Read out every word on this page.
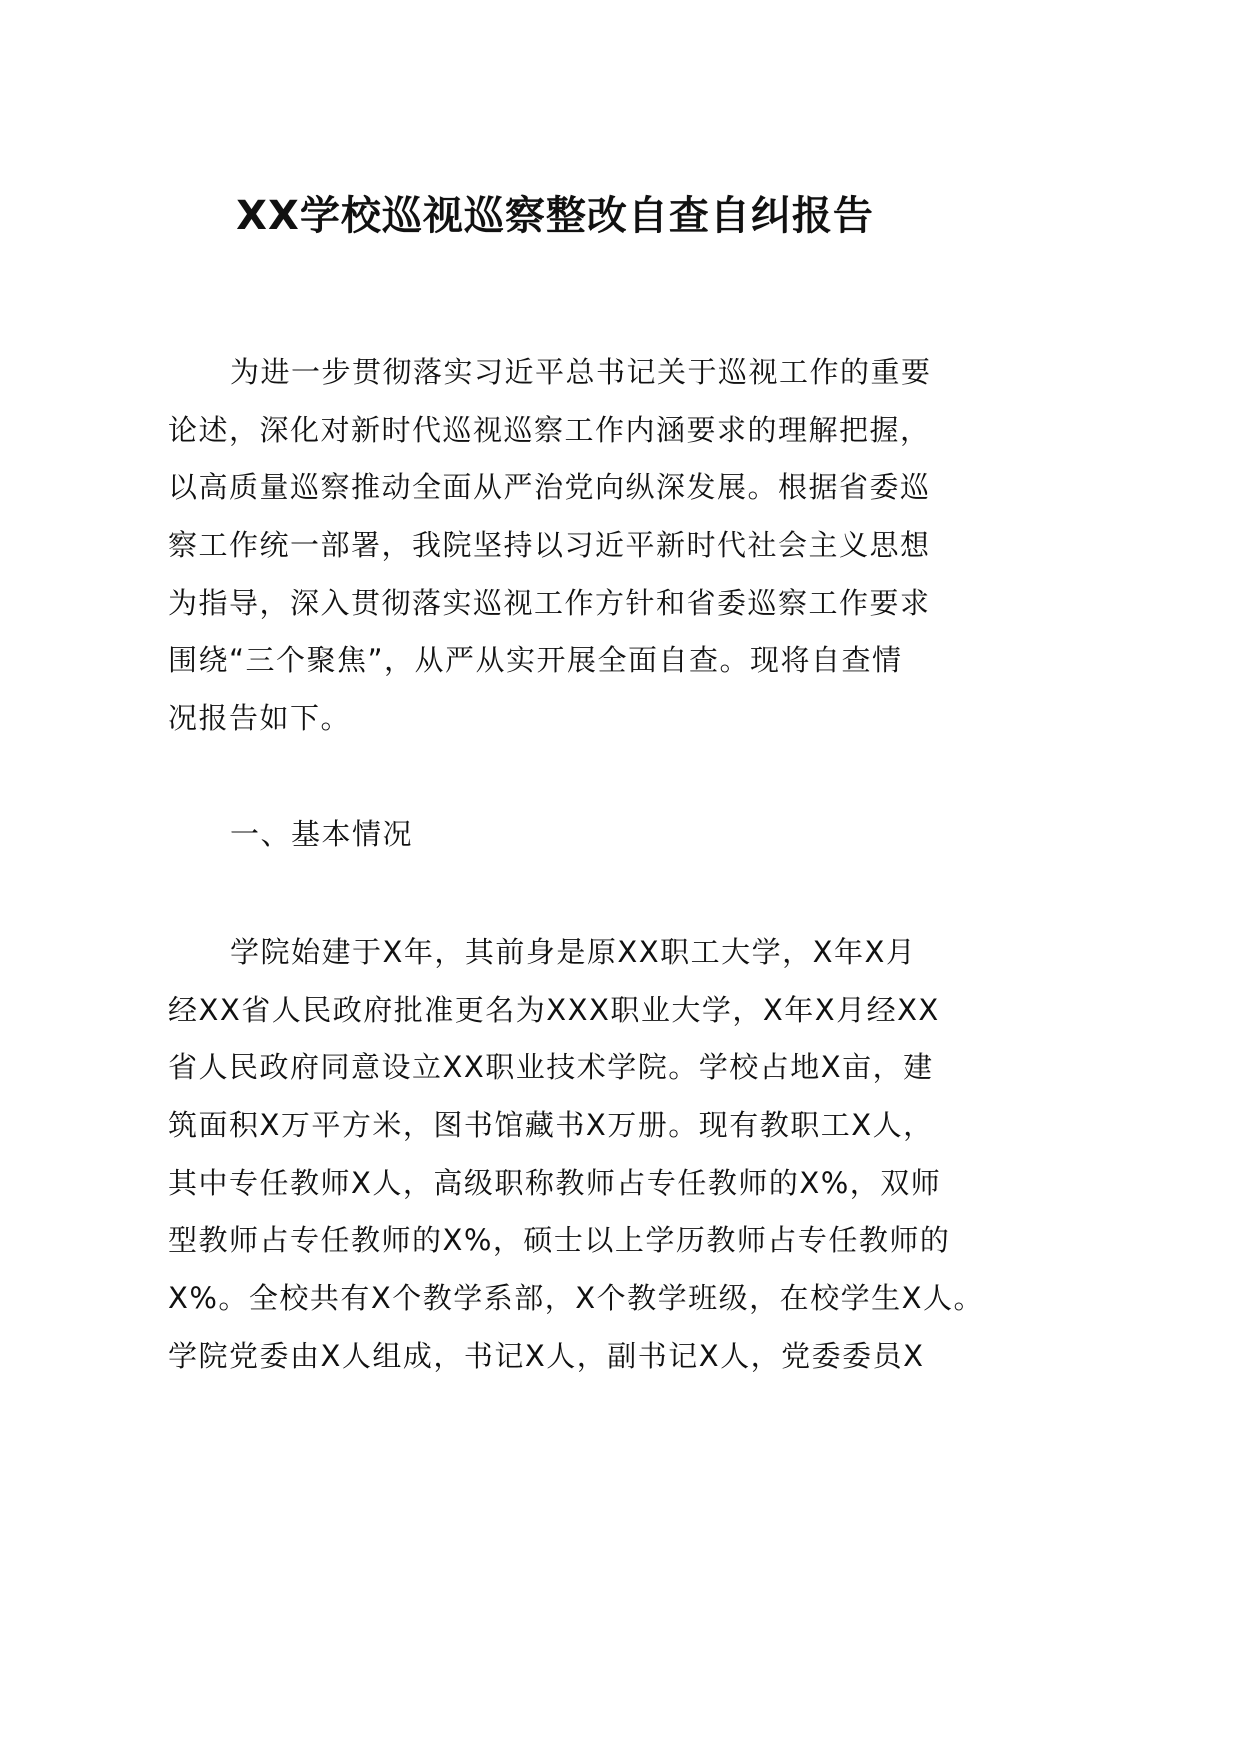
XX学校巡视巡察整改自查自纠报告
为进一步贯彻落实习近平总书记关于巡视工作的重要
论述，深化对新时代巡视巡察工作内涵要求的理解把握，
以高质量巡察推动全面从严治党向纵深发展。根据省委巡
察工作统一部署，我院坚持以习近平新时代社会主义思想
为指导，深入贯彻落实巡视工作方针和省委巡察工作要求
围绕“三个聚焦”，从严从实开展全面自查。现将自查情
况报告如下。
一、基本情况
学院始建于X年，其前身是原XX职工大学，X年X月
经XX省人民政府批准更名为XXX职业大学，X年X月经XX
省人民政府同意设立XX职业技术学院。学校占地X亩，建
筑面积X万平方米，图书馆藏书X万册。现有教职工X人，
其中专任教师X人，高级职称教师占专任教师的X%，双师
型教师占专任教师的X%，硕士以上学历教师占专任教师的
X%。全校共有X个教学系部，X个教学班级，在校学生X人。
学院党委由X人组成，书记X人，副书记X人，党委委员X
